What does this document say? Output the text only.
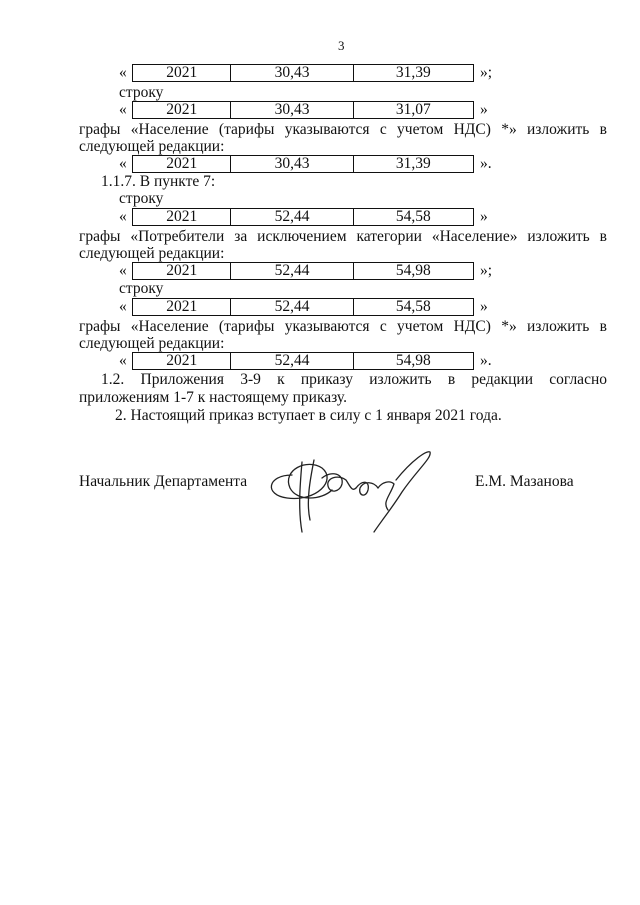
3
«	2021	30,43	31,39	»;
строку
«	2021	30,43	31,07	»
графы «Население (тарифы указываются с учетом НДС) *» изложить в
следующей редакции:
«	2021	30,43	31,39	».
1.1.7. В пункте 7:
строку
«	2021	52,44	54,58	»
графы «Потребители за исключением категории «Население» изложить в
следующей редакции:
«	2021	52,44	54,98	»;
строку
«	2021	52,44	54,58	»
графы «Население (тарифы указываются с учетом НДС) *» изложить в
следующей редакции:
«	2021	52,44	54,98	».
1.2. Приложения 3-9 к приказу изложить в редакции согласно
приложениям 1-7 к настоящему приказу.
2. Настоящий приказ вступает в силу с 1 января 2021 года.
Начальник Департамента	Е.М. Мазанова
